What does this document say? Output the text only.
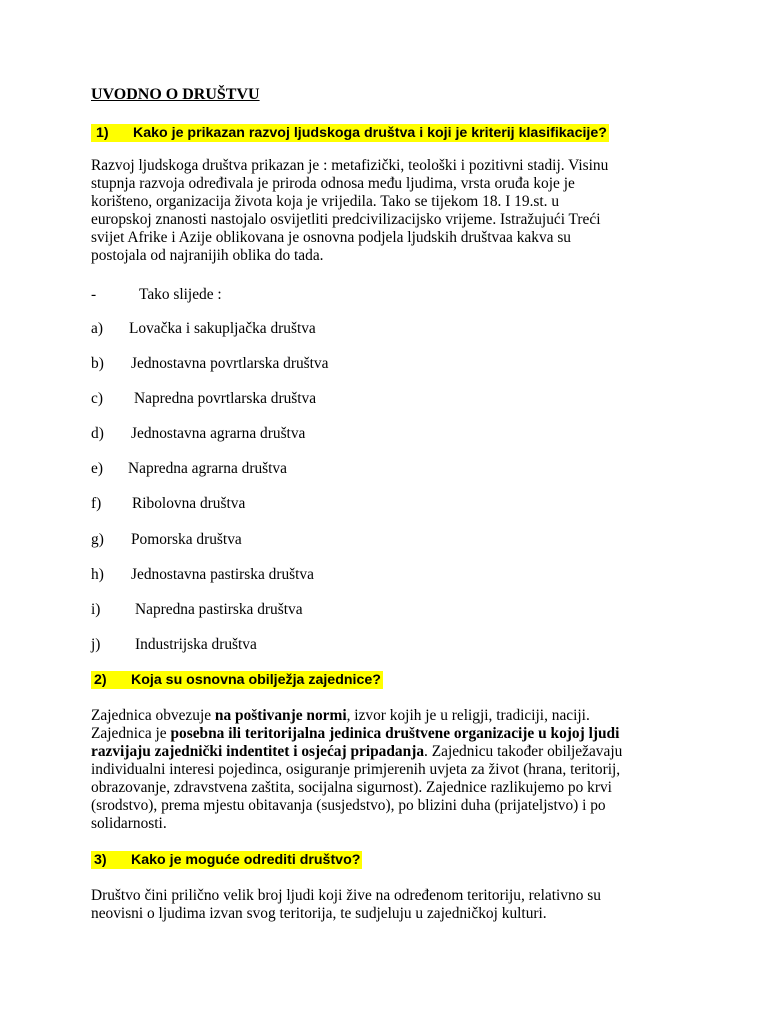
UVODNO O DRUŠTVU
1) Kako je prikazan razvoj ljudskoga društva i koji je kriterij klasifikacije?
Razvoj ljudskoga društva prikazan je : metafizički, teološki i pozitivni stadij. Visinu
stupnja razvoja određivala je priroda odnosa među ljudima, vrsta oruđa koje je
korišteno, organizacija života koja je vrijedila. Tako se tijekom 18. I 19.st. u
europskoj znanosti nastojalo osvijetliti predcivilizacijsko vrijeme. Istražujući Treći
svijet Afrike i Azije oblikovana je osnovna podjela ljudskih društvaa kakva su
postojala od najranijih oblika do tada.
-	Tako slijede :
a) Lovačka i sakupljačka društva
b) Jednostavna povrtlarska društva
c) Napredna povrtlarska društva
d) Jednostavna agrarna društva
e) Napredna agrarna društva
f) Ribolovna društva
g) Pomorska društva
h) Jednostavna pastirska društva
i) Napredna pastirska društva
j) Industrijska društva
2) Koja su osnovna obilježja zajednice?
Zajednica obvezuje na poštivanje normi, izvor kojih je u religji, tradiciji, naciji.
Zajednica je posebna ili teritorijalna jedinica društvene organizacije u kojoj ljudi
razvijaju zajednički indentitet i osjećaj pripadanja. Zajednicu također obilježavaju
individualni interesi pojedinca, osiguranje primjerenih uvjeta za život (hrana, teritorij,
obrazovanje, zdravstvena zaštita, socijalna sigurnost). Zajednice razlikujemo po krvi
(srodstvo), prema mjestu obitavanja (susjedstvo), po blizini duha (prijateljstvo) i po
solidarnosti.
3) Kako je moguće odrediti društvo?
Društvo čini prilično velik broj ljudi koji žive na određenom teritoriju, relativno su
neovisni o ljudima izvan svog teritorija, te sudjeluju u zajedničkoj kulturi.
